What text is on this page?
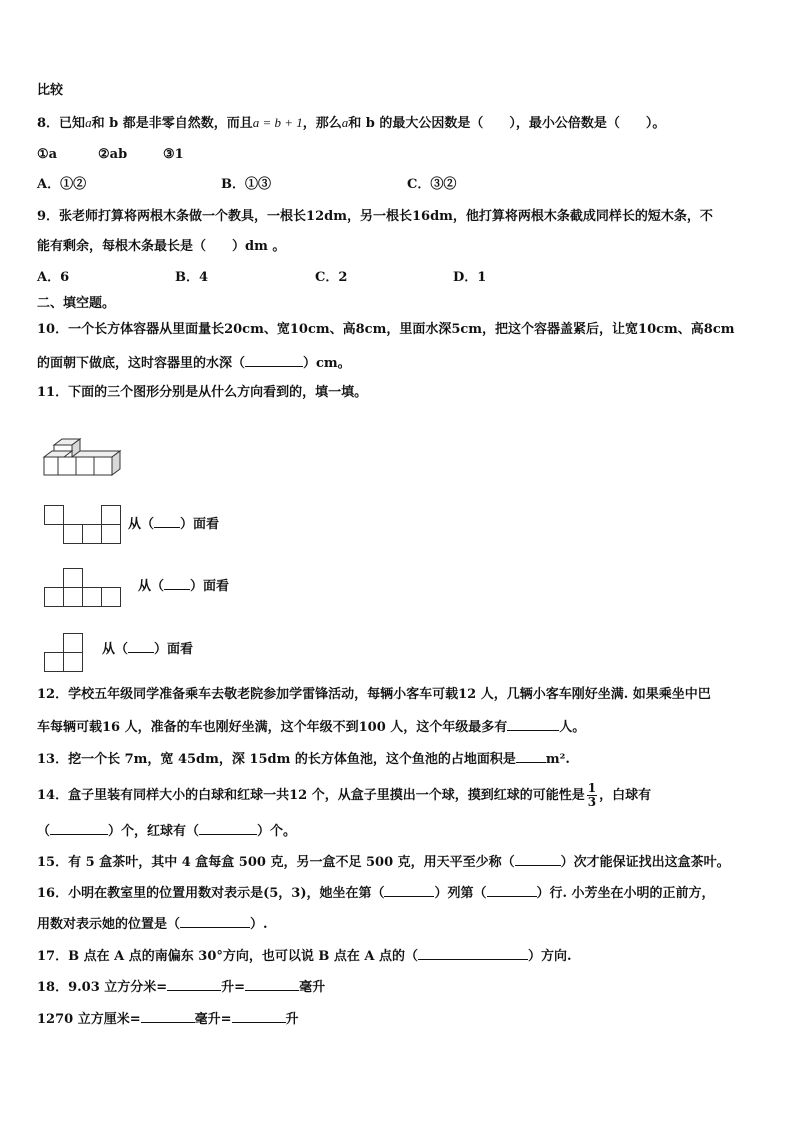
比较
8．已知a和 b 都是非零自然数，而且a = b + 1，那么a和 b 的最大公因数是（　　），最小公倍数是（　　）。
①a	②ab	③1
A．①②	B．①③	C．③②
9．张老师打算将两根木条做一个教具，一根长12dm，另一根长16dm，他打算将两根木条截成同样长的短木条，不
能有剩余，每根木条最长是（　　）dm 。
A．6	B．4	C．2	D．1
二、填空题。
10．一个长方体容器从里面量长20cm、宽10cm、高8cm，里面水深5cm，把这个容器盖紧后，让宽10cm、高8cm
的面朝下做底，这时容器里的水深（	）cm。
11．下面的三个图形分别是从什么方向看到的，填一填。
从（ ）面看
从（ ）面看
从（ ）面看
12．学校五年级同学准备乘车去敬老院参加学雷锋活动，每辆小客车可载12 人，几辆小客车刚好坐满. 如果乘坐中巴
车每辆可载16 人，准备的车也刚好坐满，这个年级不到100 人，这个年级最多有	人。
13．挖一个长 7m，宽 45dm，深 15dm 的长方体鱼池，这个鱼池的占地面积是 m².
14．盒子里装有同样大小的白球和红球一共12 个，从盒子里摸出一个球，摸到红球的可能性是 $\frac{1}{3}$ ，白球有
（	）个，红球有（	）个。
15．有 5 盒茶叶，其中 4 盒每盒 500 克，另一盒不足 500 克，用天平至少称（	）次才能保证找出这盒茶叶。
16．小明在教室里的位置用数对表示是(5，3)，她坐在第（	）列第（	）行. 小芳坐在小明的正前方，
用数对表示她的位置是（	）.
17．B 点在 A 点的南偏东 30°方向，也可以说 B 点在 A 点的（	）方向.
18．9.03 立方分米=	升=	毫升
1270 立方厘米=	毫升=	升
